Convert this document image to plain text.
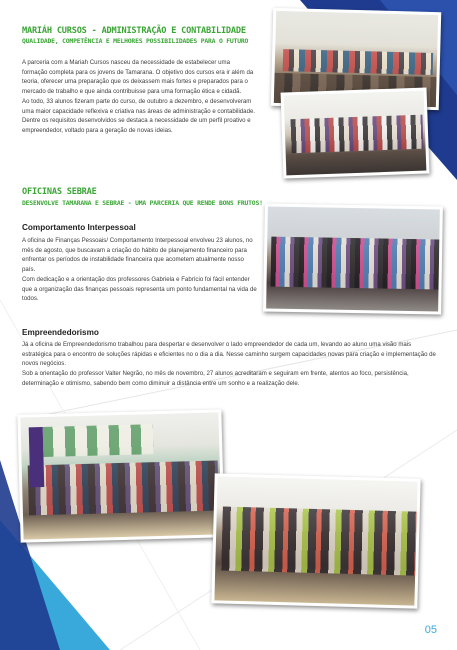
MARIÁH CURSOS - ADMINISTRAÇÃO E CONTABILIDADE
QUALIDADE, COMPETÊNCIA E MELHORES POSSIBILIDADES PARA O FUTURO
A parceria com a Mariah Cursos nasceu da necessidade de estabelecer uma formação completa para os jovens de Tamarana. O objetivo dos cursos era ir além da teoria, oferecer uma preparação que os deixassem mais fortes e preparados para o mercado de trabalho e que ainda contribuisse para uma formação ética e cidadã.
Ao todo, 33 alunos fizeram parte do curso, de outubro a dezembro, e desenvolveram uma maior capacidade reflexiva e criativa nas áreas de administração e contabilidade. Dentre os requisitos desenvolvidos se destaca a necessidade de um perfil proativo e empreendedor, voltado para a geração de novas ideias.
OFICINAS SEBRAE
DESENVOLVE TAMARANA E SEBRAE - UMA PARCERIA QUE RENDE BONS FRUTOS!
Comportamento Interpessoal
A oficina de Finanças Pessoais/ Comportamento Interpessoal envolveu 23 alunos, no mês de agosto, que buscavam a criação do hábito de planejamento financeiro para enfrentar os períodos de instabilidade financeira que acometem atualmente nosso país.
Com dedicação e a orientação dos professores Gabriela e Fabrício foi fácil entender que a organização das finanças pessoais representa um ponto fundamental na vida de todos.
Empreendedorismo
Já a oficina de Empreendedorismo trabalhou para despertar e desenvolver o lado empreendedor de cada um, levando ao aluno uma visão mais estratégica para o encontro de soluções rápidas e eficientes no o dia a dia. Nesse caminho surgem capacidades novas para criação e implementação de novos negócios.
Sob a orientação do professor Valter Negrão, no mês de novembro, 27 alunos acreditaram e seguiram em frente, atentos ao foco, persistência, determinação e otimismo, sabendo bem como diminuir a distância entre um sonho e a realização dele.
05
